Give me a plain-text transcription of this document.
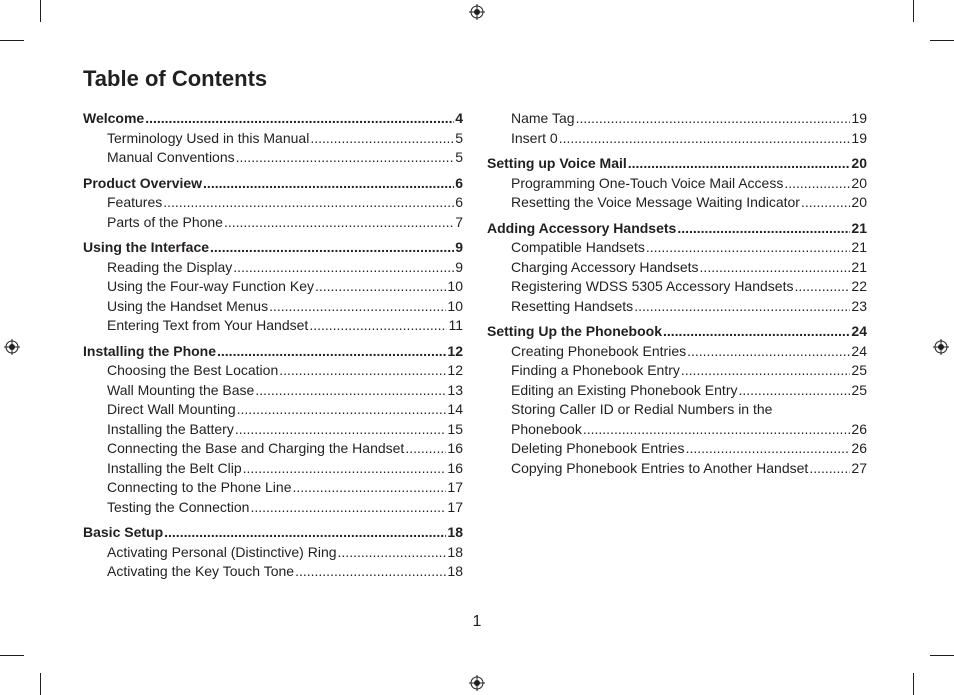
Table of Contents
Welcome .....	4
Terminology Used in this Manual .....	5
Manual Conventions .....	5
Product Overview .....	6
Features .....	6
Parts of the Phone .....	7
Using the Interface .....	9
Reading the Display .....	9
Using the Four-way Function Key .....	10
Using the Handset Menus .....	10
Entering Text from Your Handset .....	11
Installing the Phone .....	12
Choosing the Best Location .....	12
Wall Mounting the Base .....	13
Direct Wall Mounting .....	14
Installing the Battery .....	15
Connecting the Base and Charging the Handset .....	16
Installing the Belt Clip .....	16
Connecting to the Phone Line .....	17
Testing the Connection .....	17
Basic Setup .....	18
Activating Personal (Distinctive) Ring .....	18
Activating the Key Touch Tone .....	18
Name Tag .....	19
Insert 0 .....	19
Setting up Voice Mail .....	20
Programming One-Touch Voice Mail Access .....	20
Resetting the Voice Message Waiting Indicator .....	20
Adding Accessory Handsets .....	21
Compatible Handsets .....	21
Charging Accessory Handsets .....	21
Registering WDSS 5305 Accessory Handsets .....	22
Resetting Handsets .....	23
Setting Up the Phonebook .....	24
Creating Phonebook Entries .....	24
Finding a Phonebook Entry .....	25
Editing an Existing Phonebook Entry .....	25
Storing Caller ID or Redial Numbers in the
Phonebook .....	26
Deleting Phonebook Entries .....	26
Copying Phonebook Entries to Another Handset .....	27
1
